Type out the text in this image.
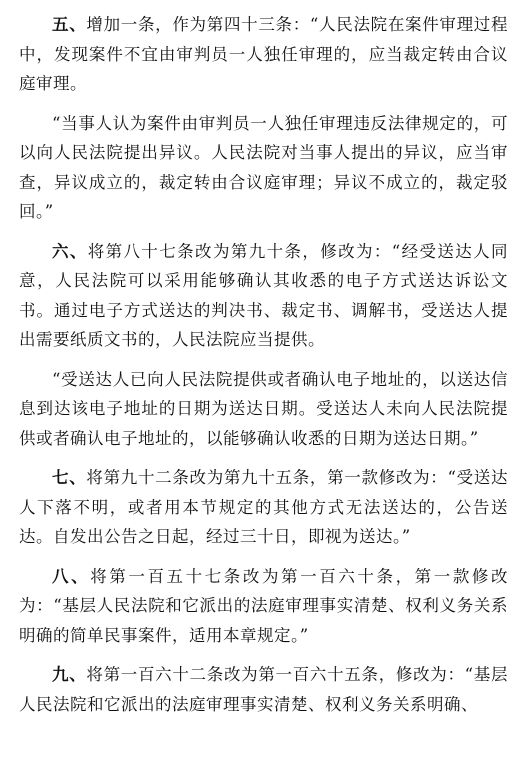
五、增加一条，作为第四十三条：“人民法院在案件审理过程中，发现案件不宜由审判员一人独任审理的，应当裁定转由合议庭审理。

“当事人认为案件由审判员一人独任审理违反法律规定的，可以向人民法院提出异议。人民法院对当事人提出的异议，应当审查，异议成立的，裁定转由合议庭审理；异议不成立的，裁定驳回。”

六、将第八十七条改为第九十条，修改为：“经受送达人同意，人民法院可以采用能够确认其收悉的电子方式送达诉讼文书。通过电子方式送达的判决书、裁定书、调解书，受送达人提出需要纸质文书的，人民法院应当提供。

“受送达人已向人民法院提供或者确认电子地址的，以送达信息到达该电子地址的日期为送达日期。受送达人未向人民法院提供或者确认电子地址的，以能够确认收悉的日期为送达日期。”

七、将第九十二条改为第九十五条，第一款修改为：“受送达人下落不明，或者用本节规定的其他方式无法送达的，公告送达。自发出公告之日起，经过三十日，即视为送达。”

八、将第一百五十七条改为第一百六十条，第一款修改为：“基层人民法院和它派出的法庭审理事实清楚、权利义务关系明确的简单民事案件，适用本章规定。”

九、将第一百六十二条改为第一百六十五条，修改为：“基层人民法院和它派出的法庭审理事实清楚、权利义务关系明确、
